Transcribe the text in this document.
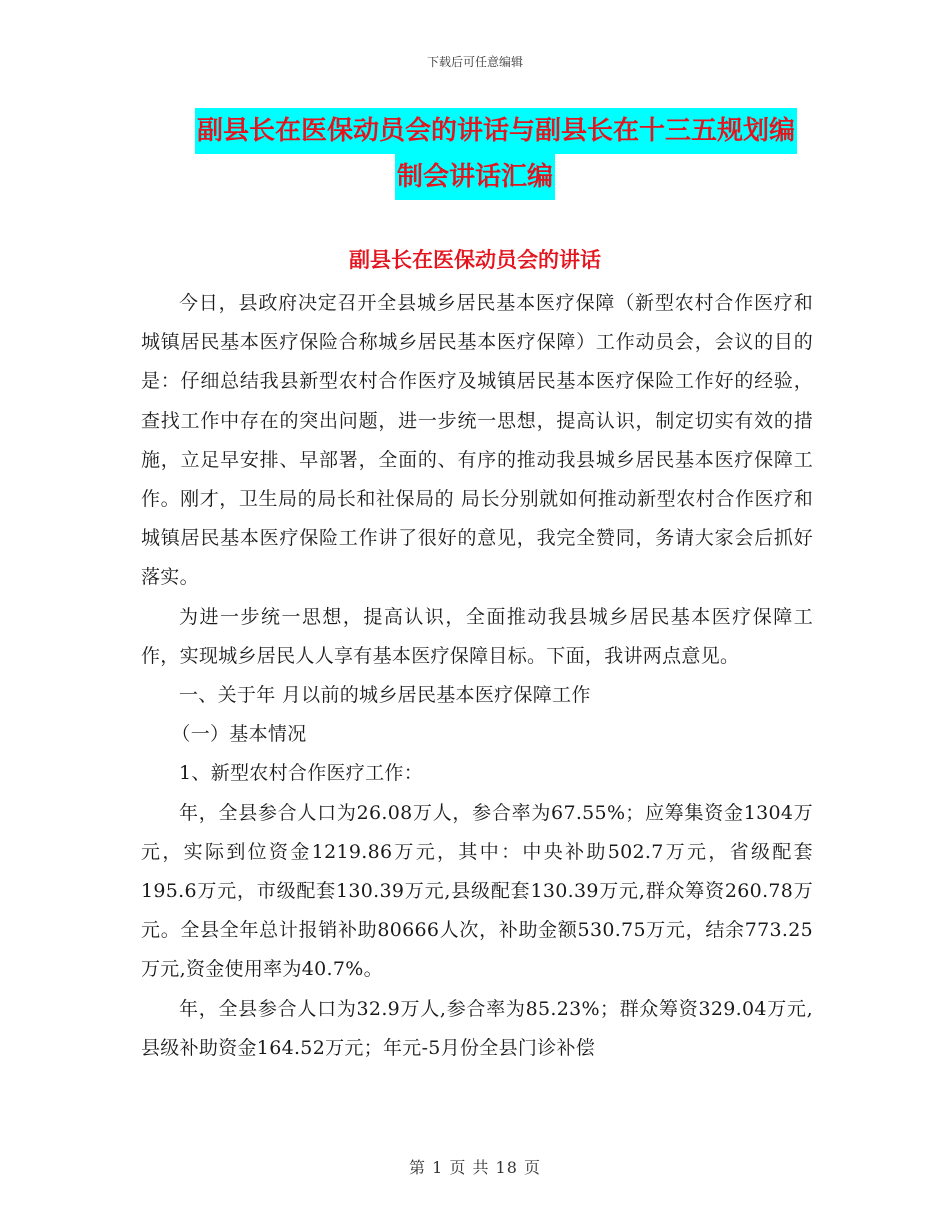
下载后可任意编辑
副县长在医保动员会的讲话与副县长在十三五规划编
制会讲话汇编
副县长在医保动员会的讲话

今日，县政府决定召开全县城乡居民基本医疗保障（新型农村合作医疗和城镇居民基本医疗保险合称城乡居民基本医疗保障）工作动员会，会议的目的是：仔细总结我县新型农村合作医疗及城镇居民基本医疗保险工作好的经验，查找工作中存在的突出问题，进一步统一思想，提高认识，制定切实有效的措施，立足早安排、早部署，全面的、有序的推动我县城乡居民基本医疗保障工作。刚才，卫生局的局长和社保局的 局长分别就如何推动新型农村合作医疗和城镇居民基本医疗保险工作讲了很好的意见，我完全赞同，务请大家会后抓好落实。

为进一步统一思想，提高认识，全面推动我县城乡居民基本医疗保障工作，实现城乡居民人人享有基本医疗保障目标。下面，我讲两点意见。

一、关于年 月以前的城乡居民基本医疗保障工作

（一）基本情况

1、新型农村合作医疗工作：

年，全县参合人口为26.08万人，参合率为67.55%；应筹集资金1304万元，实际到位资金1219.86万元，其中：中央补助502.7万元，省级配套195.6万元，市级配套130.39万元,县级配套130.39万元,群众筹资260.78万元。全县全年总计报销补助80666人次，补助金额530.75万元，结余773.25万元,资金使用率为40.7%。

年，全县参合人口为32.9万人,参合率为85.23%；群众筹资329.04万元,县级补助资金164.52万元；年元-5月份全县门诊补偿

第 1 页 共 18 页
